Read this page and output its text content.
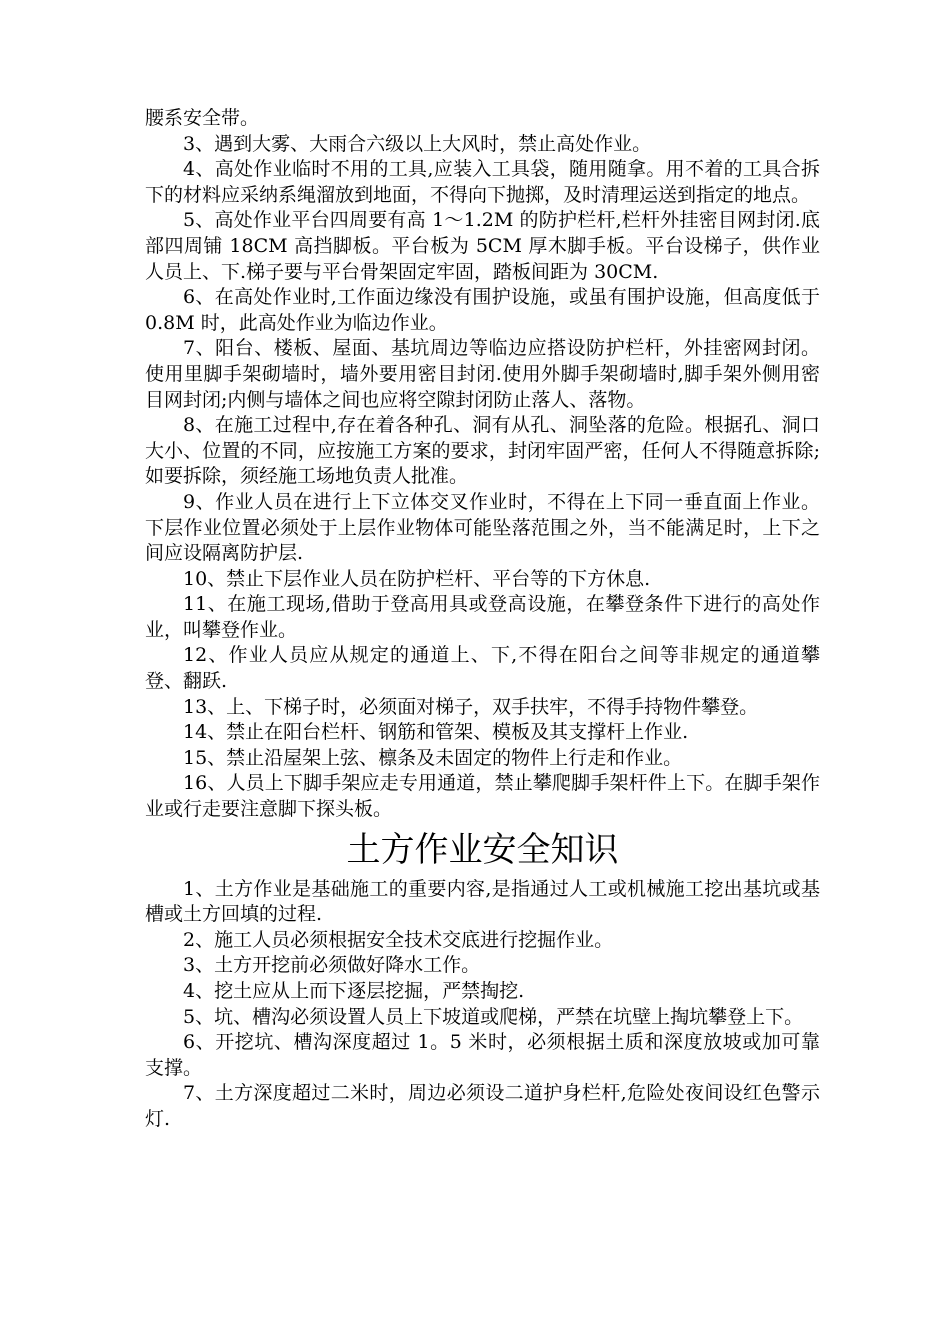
腰系安全带。

3、遇到大雾、大雨合六级以上大风时，禁止高处作业。

4、高处作业临时不用的工具,应装入工具袋，随用随拿。用不着的工具合拆下的材料应采纳系绳溜放到地面，不得向下抛掷，及时清理运送到指定的地点。

5、高处作业平台四周要有高 1～1.2M 的防护栏杆,栏杆外挂密目网封闭.底部四周铺 18CM 高挡脚板。平台板为 5CM 厚木脚手板。平台设梯子，供作业人员上、下.梯子要与平台骨架固定牢固，踏板间距为 30CM.

6、在高处作业时,工作面边缘没有围护设施，或虽有围护设施，但高度低于 0.8M 时，此高处作业为临边作业。

7、阳台、楼板、屋面、基坑周边等临边应搭设防护栏杆，外挂密网封闭。使用里脚手架砌墙时，墙外要用密目封闭.使用外脚手架砌墙时,脚手架外侧用密目网封闭;内侧与墙体之间也应将空隙封闭防止落人、落物。

8、在施工过程中,存在着各种孔、洞有从孔、洞坠落的危险。根据孔、洞口大小、位置的不同，应按施工方案的要求，封闭牢固严密，任何人不得随意拆除;如要拆除，须经施工场地负责人批准。

9、作业人员在进行上下立体交叉作业时，不得在上下同一垂直面上作业。下层作业位置必须处于上层作业物体可能坠落范围之外，当不能满足时，上下之间应设隔离防护层.

10、禁止下层作业人员在防护栏杆、平台等的下方休息.

11、在施工现场,借助于登高用具或登高设施，在攀登条件下进行的高处作业，叫攀登作业。

12、作业人员应从规定的通道上、下,不得在阳台之间等非规定的通道攀登、翻跃.

13、上、下梯子时，必须面对梯子，双手扶牢，不得手持物件攀登。

14、禁止在阳台栏杆、钢筋和管架、模板及其支撑杆上作业.

15、禁止沿屋架上弦、檩条及未固定的物件上行走和作业。

16、人员上下脚手架应走专用通道，禁止攀爬脚手架杆件上下。在脚手架作业或行走要注意脚下探头板。

土方作业安全知识

1、土方作业是基础施工的重要内容,是指通过人工或机械施工挖出基坑或基槽或土方回填的过程.

2、施工人员必须根据安全技术交底进行挖掘作业。

3、土方开挖前必须做好降水工作。

4、挖土应从上而下逐层挖掘，严禁掏挖.

5、坑、槽沟必须设置人员上下坡道或爬梯，严禁在坑壁上掏坑攀登上下。

6、开挖坑、槽沟深度超过 1。5 米时，必须根据土质和深度放坡或加可靠支撑。

7、土方深度超过二米时，周边必须设二道护身栏杆,危险处夜间设红色警示灯.
